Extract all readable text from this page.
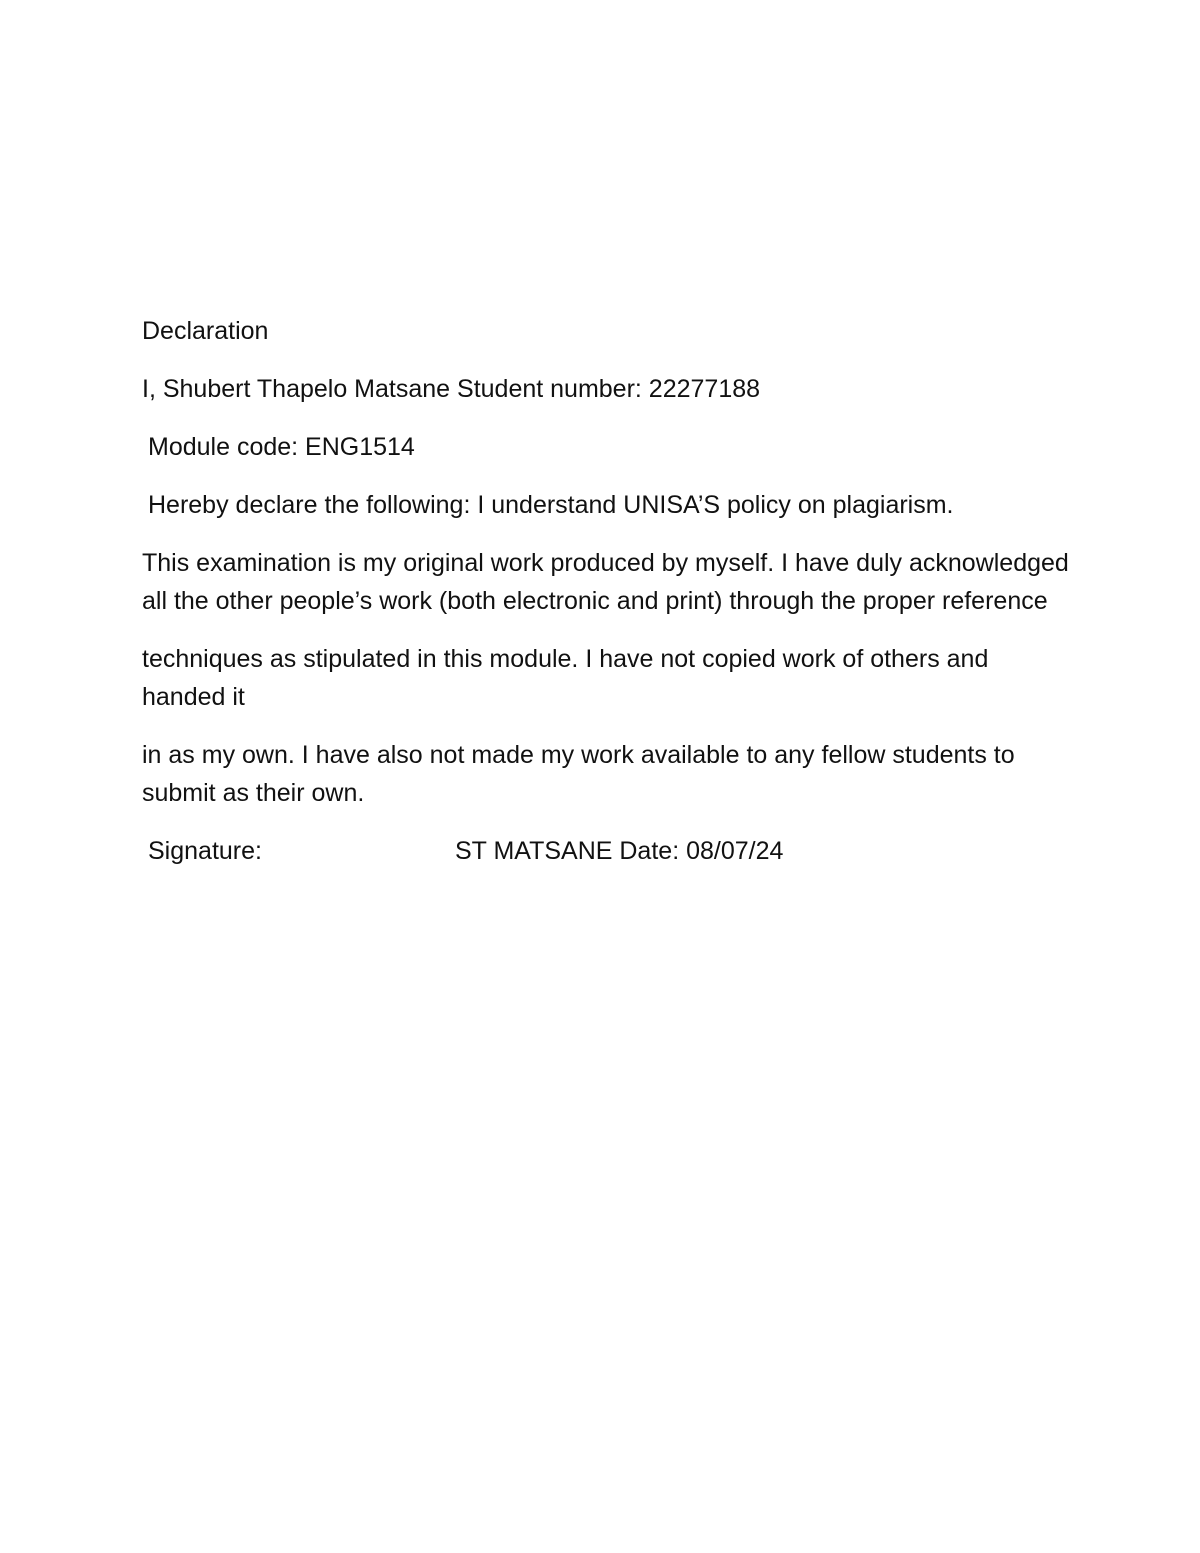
Declaration

I, Shubert Thapelo Matsane Student number: 22277188

Module code: ENG1514

Hereby declare the following: I understand UNISA’S policy on plagiarism.

This examination is my original work produced by myself. I have duly acknowledged all the other people’s work (both electronic and print) through the proper reference

techniques as stipulated in this module. I have not copied work of others and handed it

in as my own. I have also not made my work available to any fellow students to submit as their own.

Signature:	ST MATSANE Date: 08/07/24
